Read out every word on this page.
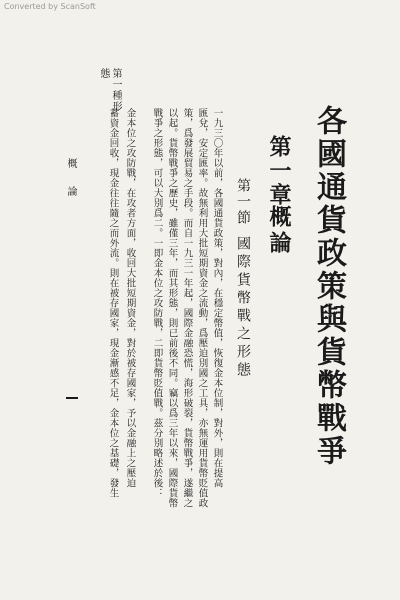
Converted by ScanSoft
各國通貨政策與貨幣戰爭
第一章
概論
第一節
國際貨幣戰之形態
第一種形
態
一九三〇年以前，各國通貨政策，對內，在穩定幣值，恢復金本位制，對外，則在提高
匯兌，安定匯率。故無利用大批短期資金之流動，爲壓迫別國之工具，亦無運用貨幣貶值政
策，爲發展貿易之手段。而自一九三一年起，國際金融恐慌，海形破裂，貨幣戰爭，遂繼之
以起。貨幣戰爭之歷史，雖僅三年，而其形態，則已前後不同。竊以爲三年以來，國際貨幣
戰爭之形態，可以大別爲二。一即金本位之攻防戰，二即貨幣貶值戰。茲分別略述於後：
金本位之攻防戰，在攻者方面，收回大批短期資金，對於被存國家，予以金融上之壓迫
蓄資金回收，現金往往隨之而外流。則在被存國家，現金漸感不足，金本位之基礎，發生
概論
